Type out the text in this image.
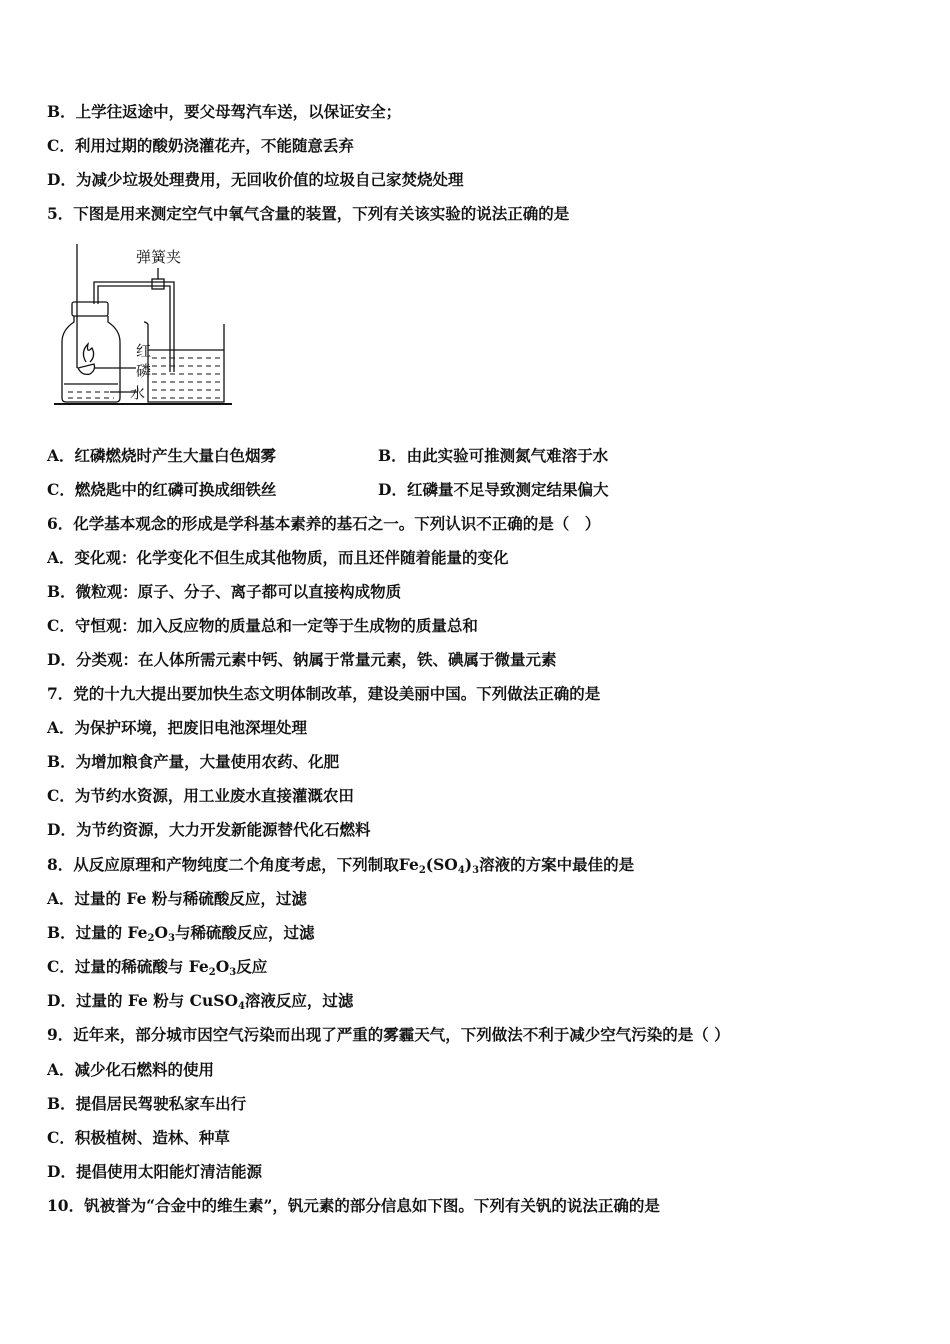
B．上学往返途中，要父母驾汽车送，以保证安全；
C．利用过期的酸奶浇灌花卉，不能随意丢弃
D．为减少垃圾处理费用，无回收价值的垃圾自己家焚烧处理
5．下图是用来测定空气中氧气含量的装置，下列有关该实验的说法正确的是
弹簧夹
红
磷
水
A．红磷燃烧时产生大量白色烟雾	B．由此实验可推测氮气难溶于水
C．燃烧匙中的红磷可换成细铁丝	D．红磷量不足导致测定结果偏大
6．化学基本观念的形成是学科基本素养的基石之一。下列认识不正确的是（　）
A．变化观：化学变化不但生成其他物质，而且还伴随着能量的变化
B．微粒观：原子、分子、离子都可以直接构成物质
C．守恒观：加入反应物的质量总和一定等于生成物的质量总和
D．分类观：在人体所需元素中钙、钠属于常量元素，铁、碘属于微量元素
7．党的十九大提出要加快生态文明体制改革，建设美丽中国。下列做法正确的是
A．为保护环境，把废旧电池深埋处理
B．为增加粮食产量，大量使用农药、化肥
C．为节约水资源，用工业废水直接灌溉农田
D．为节约资源，大力开发新能源替代化石燃料
8．从反应原理和产物纯度二个角度考虑，下列制取$Fe_2(SO_4)_3$溶液的方案中最佳的是
A．过量的 Fe 粉与稀硫酸反应，过滤
B．过量的 $Fe_2O_3$与稀硫酸反应，过滤
C．过量的稀硫酸与 $Fe_2O_3$反应
D．过量的 Fe 粉与 CuSO$_4$溶液反应，过滤
9．近年来，部分城市因空气污染而出现了严重的雾霾天气，下列做法不利于减少空气污染的是（ ）
A．减少化石燃料的使用
B．提倡居民驾驶私家车出行
C．积极植树、造林、种草
D．提倡使用太阳能灯清洁能源
10．钒被誉为“合金中的维生素”，钒元素的部分信息如下图。下列有关钒的说法正确的是
